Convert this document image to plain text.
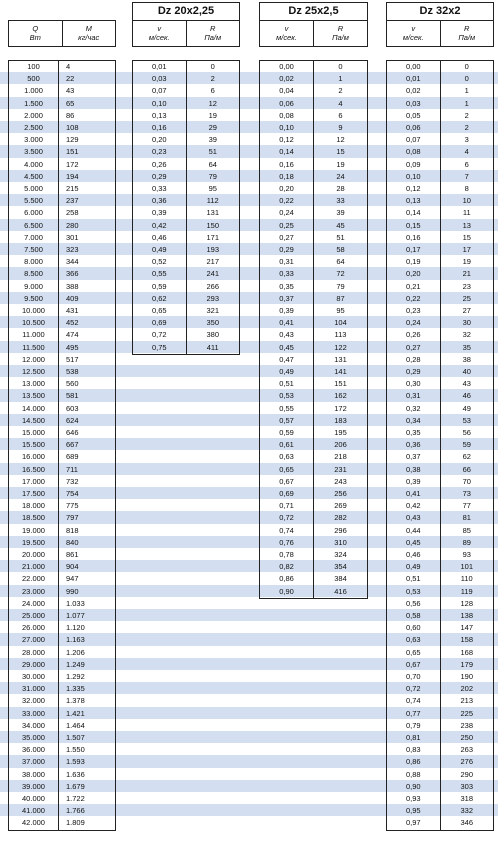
Dz 20x2,25	Dz 25x2,5	Dz 32x2
Q
Вт
M
кг/час
v
м/сек.
R
Па/м
v
м/сек.
R
Па/м
v
м/сек.
R
Па/м
100	4
500	22
1.000	43
1.500	65
2.000	86
2.500	108
3.000	129
3.500	151
4.000	172
4.500	194
5.000	215
5.500	237
6.000	258
6.500	280
7.000	301
7.500	323
8.000	344
8.500	366
9.000	388
9.500	409
10.000	431
10.500	452
11.000	474
11.500	495
12.000	517
12.500	538
13.000	560
13.500	581
14.000	603
14.500	624
15.000	646
15.500	667
16.000	689
16.500	711
17.000	732
17.500	754
18.000	775
18.500	797
19.000	818
19.500	840
20.000	861
21.000	904
22.000	947
23.000	990
24.000	1.033
25.000	1.077
26.000	1.120
27.000	1.163
28.000	1.206
29.000	1.249
30.000	1.292
31.000	1.335
32.000	1.378
33.000	1.421
34.000	1.464
35.000	1.507
36.000	1.550
37.000	1.593
38.000	1.636
39.000	1.679
40.000	1.722
41.000	1.766
42.000	1.809
0,01	0
0,03	2
0,07	6
0,10	12
0,13	19
0,16	29
0,20	39
0,23	51
0,26	64
0,29	79
0,33	95
0,36	112
0,39	131
0,42	150
0,46	171
0,49	193
0,52	217
0,55	241
0,59	266
0,62	293
0,65	321
0,69	350
0,72	380
0,75	411
0,00	0
0,02	1
0,04	2
0,06	4
0,08	6
0,10	9
0,12	12
0,14	15
0,16	19
0,18	24
0,20	28
0,22	33
0,24	39
0,25	45
0,27	51
0,29	58
0,31	64
0,33	72
0,35	79
0,37	87
0,39	95
0,41	104
0,43	113
0,45	122
0,47	131
0,49	141
0,51	151
0,53	162
0,55	172
0,57	183
0,59	195
0,61	206
0,63	218
0,65	231
0,67	243
0,69	256
0,71	269
0,72	282
0,74	296
0,76	310
0,78	324
0,82	354
0,86	384
0,90	416
0,00	0
0,01	0
0,02	1
0,03	1
0,05	2
0,06	2
0,07	3
0,08	4
0,09	6
0,10	7
0,12	8
0,13	10
0,14	11
0,15	13
0,16	15
0,17	17
0,19	19
0,20	21
0,21	23
0,22	25
0,23	27
0,24	30
0,26	32
0,27	35
0,28	38
0,29	40
0,30	43
0,31	46
0,32	49
0,34	53
0,35	56
0,36	59
0,37	62
0,38	66
0,39	70
0,41	73
0,42	77
0,43	81
0,44	85
0,45	89
0,46	93
0,49	101
0,51	110
0,53	119
0,56	128
0,58	138
0,60	147
0,63	158
0,65	168
0,67	179
0,70	190
0,72	202
0,74	213
0,77	225
0,79	238
0,81	250
0,83	263
0,86	276
0,88	290
0,90	303
0,93	318
0,95	332
0,97	346
